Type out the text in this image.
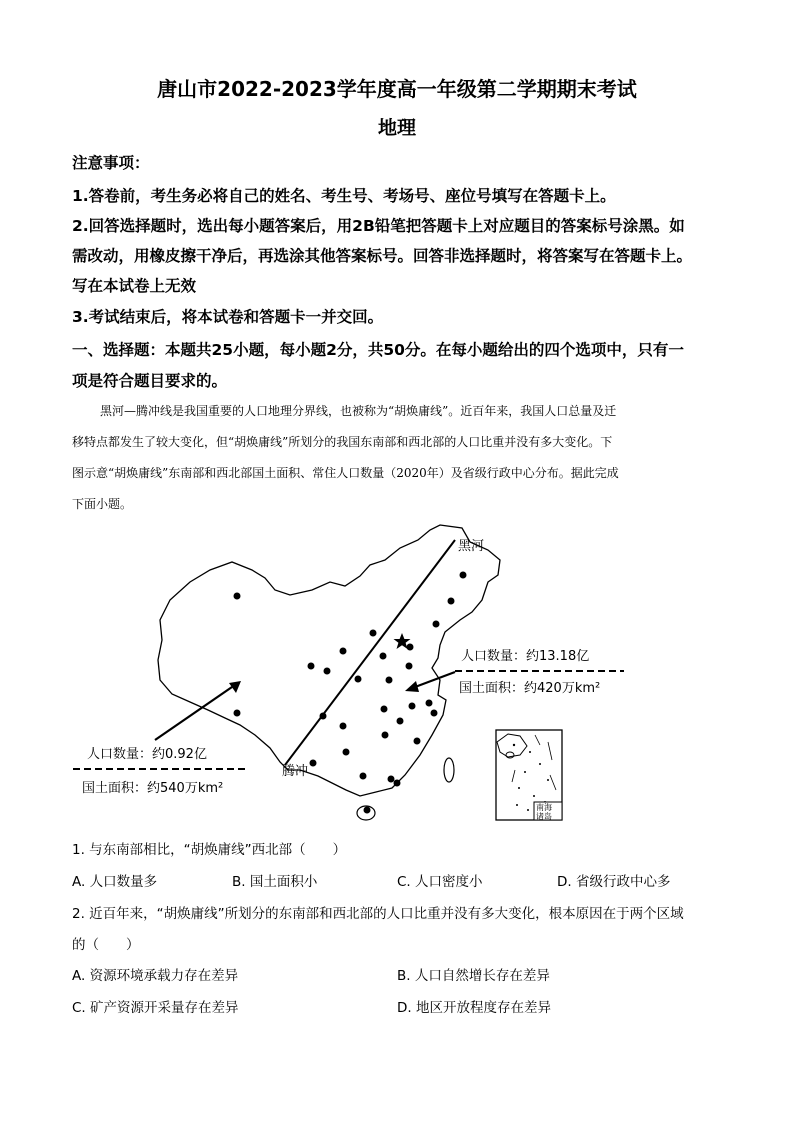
唐山市2022-2023学年度高一年级第二学期期末考试
地理
注意事项：
1.答卷前，考生务必将自己的姓名、考生号、考场号、座位号填写在答题卡上。
2.回答选择题时，选出每小题答案后，用2B铅笔把答题卡上对应题目的答案标号涂黑。如
需改动，用橡皮擦干净后，再选涂其他答案标号。回答非选择题时，将答案写在答题卡上。
写在本试卷上无效
3.考试结束后，将本试卷和答题卡一并交回。
一、选择题：本题共25小题，每小题2分，共50分。在每小题给出的四个选项中，只有一
项是符合题目要求的。
黑河—腾冲线是我国重要的人口地理分界线，也被称为“胡焕庸线”。近百年来，我国人口总量及迁
移特点都发生了较大变化，但“胡焕庸线”所划分的我国东南部和西北部的人口比重并没有多大变化。下
图示意“胡焕庸线”东南部和西北部国土面积、常住人口数量（2020年）及省级行政中心分布。据此完成
下面小题。
黑河
腾冲
人口数量：约13.18亿
国土面积：约420万km²
人口数量：约0.92亿
国土面积：约540万km²
南海
诸岛
1. 与东南部相比，“胡焕庸线”西北部（　　）
A. 人口数量多	B. 国土面积小	C. 人口密度小	D. 省级行政中心多
2. 近百年来，“胡焕庸线”所划分的东南部和西北部的人口比重并没有多大变化，根本原因在于两个区域
的（　　）
A. 资源环境承载力存在差异	B. 人口自然增长存在差异
C. 矿产资源开采量存在差异	D. 地区开放程度存在差异
